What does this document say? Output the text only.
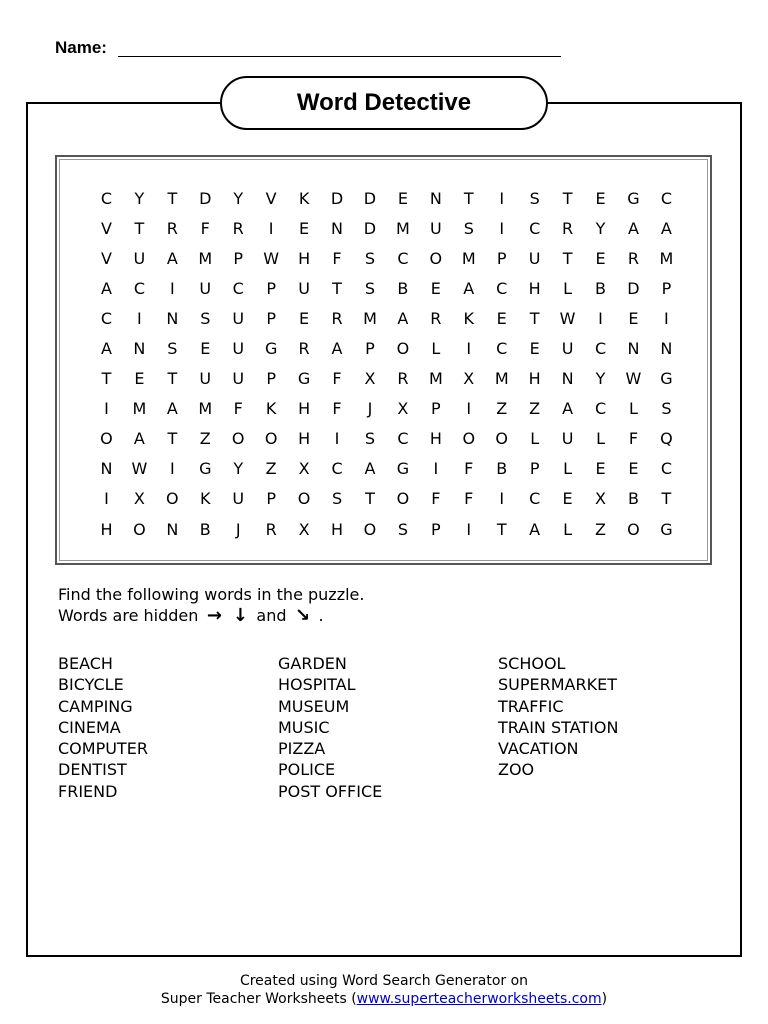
Name:
Word Detective
C	Y	T	D	Y	V	K	D	D	E	N	T	I	S	T	E	G	C
V	T	R	F	R	I	E	N	D	M	U	S	I	C	R	Y	A	A
V	U	A	M	P	W	H	F	S	C	O	M	P	U	T	E	R	M
A	C	I	U	C	P	U	T	S	B	E	A	C	H	L	B	D	P
C	I	N	S	U	P	E	R	M	A	R	K	E	T	W	I	E	I
A	N	S	E	U	G	R	A	P	O	L	I	C	E	U	C	N	N
T	E	T	U	U	P	G	F	X	R	M	X	M	H	N	Y	W	G
I	M	A	M	F	K	H	F	J	X	P	I	Z	Z	A	C	L	S
O	A	T	Z	O	O	H	I	S	C	H	O	O	L	U	L	F	Q
N	W	I	G	Y	Z	X	C	A	G	I	F	B	P	L	E	E	C
I	X	O	K	U	P	O	S	T	O	F	F	I	C	E	X	B	T
H	O	N	B	J	R	X	H	O	S	P	I	T	A	L	Z	O	G
Find the following words in the puzzle.
Words are hidden → ↓ and ↘ .
BEACH
BICYCLE
CAMPING
CINEMA
COMPUTER
DENTIST
FRIEND
GARDEN
HOSPITAL
MUSEUM
MUSIC
PIZZA
POLICE
POST OFFICE
SCHOOL
SUPERMARKET
TRAFFIC
TRAIN STATION
VACATION
ZOO
Created using Word Search Generator on
Super Teacher Worksheets (www.superteacherworksheets.com)
